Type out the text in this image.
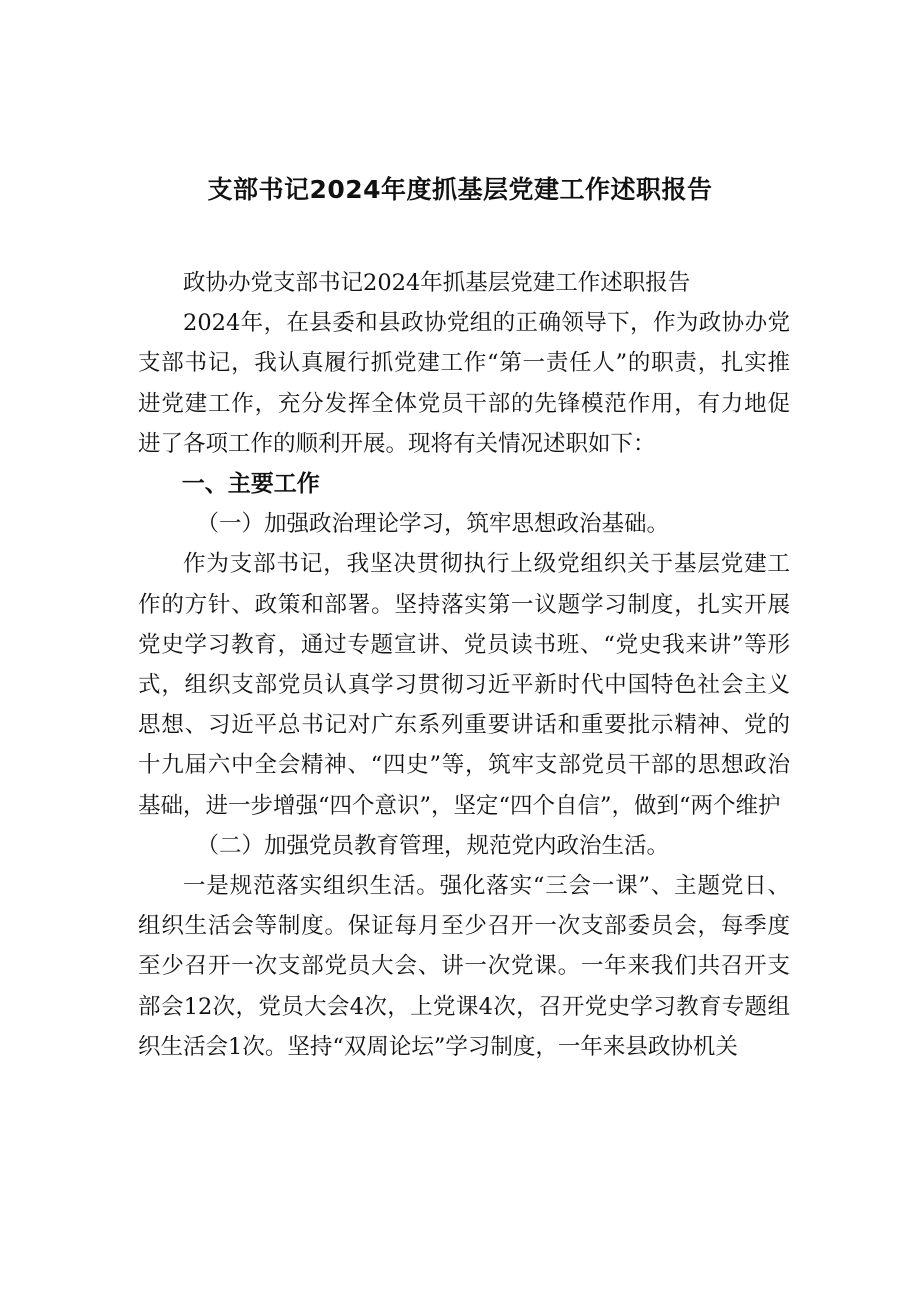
支部书记2024年度抓基层党建工作述职报告

政协办党支部书记2024年抓基层党建工作述职报告

2024年，在县委和县政协党组的正确领导下，作为政协办党支部书记，我认真履行抓党建工作“第一责任人”的职责，扎实推进党建工作，充分发挥全体党员干部的先锋模范作用，有力地促进了各项工作的顺利开展。现将有关情况述职如下：

一、主要工作

（一）加强政治理论学习，筑牢思想政治基础。

作为支部书记，我坚决贯彻执行上级党组织关于基层党建工作的方针、政策和部署。坚持落实第一议题学习制度，扎实开展党史学习教育，通过专题宣讲、党员读书班、“党史我来讲”等形式，组织支部党员认真学习贯彻习近平新时代中国特色社会主义思想、习近平总书记对广东系列重要讲话和重要批示精神、党的十九届六中全会精神、“四史”等，筑牢支部党员干部的思想政治基础，进一步增强“四个意识”，坚定“四个自信”，做到“两个维护

（二）加强党员教育管理，规范党内政治生活。

一是规范落实组织生活。强化落实“三会一课”、主题党日、组织生活会等制度。保证每月至少召开一次支部委员会，每季度至少召开一次支部党员大会、讲一次党课。一年来我们共召开支部会12次，党员大会4次，上党课4次，召开党史学习教育专题组织生活会1次。坚持“双周论坛”学习制度，一年来县政协机关
